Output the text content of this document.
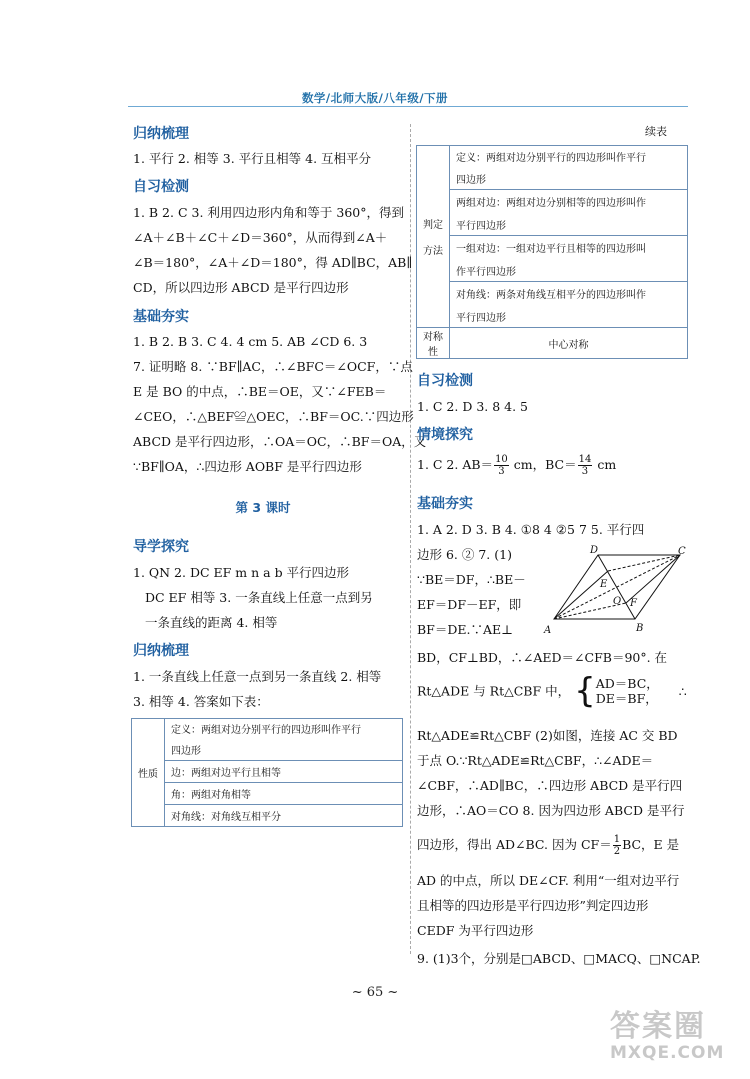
数学/北师大版/八年级/下册
归纳梳理
1. 平行 2. 相等 3. 平行且相等 4. 互相平分
自习检测
1. B 2. C 3. 利用四边形内角和等于 360°，得到
∠A＋∠B＋∠C＋∠D＝360°，从而得到∠A＋
∠B＝180°，∠A＋∠D＝180°，得 AD∥BC，AB∥
CD，所以四边形 ABCD 是平行四边形
基础夯实
1. B 2. B 3. C 4. 4 cm 5. AB ∠CD 6. 3
7. 证明略 8. ∵BF∥AC，∴∠BFC＝∠OCF，∵点
E 是 BO 的中点，∴BE＝OE，又∵∠FEB＝
∠CEO，∴△BEF≌△OEC，∴BF＝OC.∵四边形
ABCD 是平行四边形，∴OA＝OC，∴BF＝OA，又
∵BF∥OA，∴四边形 AOBF 是平行四边形
第 3 课时
导学探究
1. QN 2. DC EF m n a b 平行四边形
DC EF 相等 3. 一条直线上任意一点到另
一条直线的距离 4. 相等
归纳梳理
1. 一条直线上任意一点到另一条直线 2. 相等
3. 相等 4. 答案如下表：
性质	定义：两组对边分别平行的四边形叫作平行
四边形
边：两组对边平行且相等
角：两组对角相等
对角线：对角线互相平分
续表
判定

方法	定义：两组对边分别平行的四边形叫作平行
	四边形
	两组对边：两组对边分别相等的四边形叫作
	平行四边形
	一组对边：一组对边平行且相等的四边形叫
	作平行四边形
	对角线：两条对角线互相平分的四边形叫作
	平行四边形
对称性	中心对称
自习检测
1. C 2. D 3. 8 4. 5
情境探究
1. C 2. $AB= \frac{10}{3}$ cm，$BC= \frac{14}{3}$ cm
基础夯实
1. A 2. D 3. B 4. ①8 4 ②5 7 5. 平行四
边形 6. ② 7. (1)
∵BE＝DF，∴BE－
EF＝DF－EF，即
BF＝DE.∵AE⊥
BD，CF⊥BD，∴∠AED＝∠CFB＝90°. 在
Rt△ADE 与 Rt△CBF 中， { AD＝BC，
DE＝BF， ∴
Rt△ADE≌Rt△CBF (2)如图，连接 AC 交 BD
于点 O.∵Rt△ADE≌Rt△CBF，∴∠ADE＝
∠CBF，∴AD∥BC，∴四边形 ABCD 是平行四
边形，∴AO＝CO 8. 因为四边形 ABCD 是平行
四边形，得出 AD∠BC. 因为 $CF= \frac{1}{2}$ BC，E 是
AD 的中点，所以 DE∠CF. 利用“一组对边平行
且相等的四边形是平行四边形”判定四边形
CEDF 为平行四边形
9. (1)3个，分别是□ABCD、□MACQ、□NCAP.
D	C
E
O F
A	B
~ 65 ~
答案圈
MXQE.COM
